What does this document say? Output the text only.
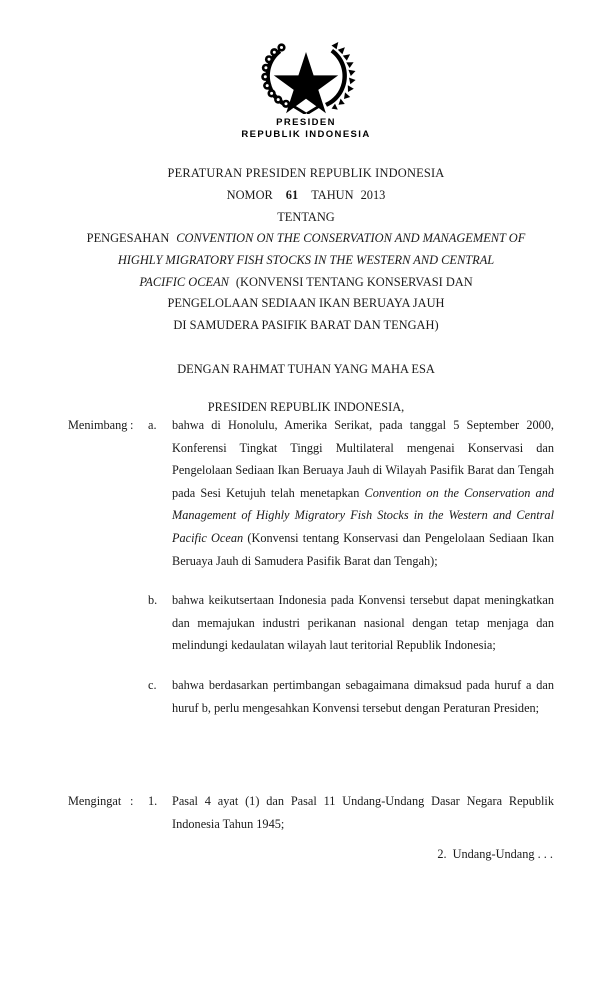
PRESIDEN
REPUBLIK INDONESIA
PERATURAN PRESIDEN REPUBLIK INDONESIA
NOMOR 61 TAHUN 2013
TENTANG
PENGESAHAN CONVENTION ON THE CONSERVATION AND MANAGEMENT OF
HIGHLY MIGRATORY FISH STOCKS IN THE WESTERN AND CENTRAL
PACIFIC OCEAN (KONVENSI TENTANG KONSERVASI DAN
PENGELOLAAN SEDIAAN IKAN BERUAYA JAUH
DI SAMUDERA PASIFIK BARAT DAN TENGAH)
DENGAN RAHMAT TUHAN YANG MAHA ESA
PRESIDEN REPUBLIK INDONESIA,
Menimbang :	a.	bahwa di Honolulu, Amerika Serikat, pada tanggal 5 September 2000, Konferensi Tingkat Tinggi Multilateral mengenai Konservasi dan Pengelolaan Sediaan Ikan Beruaya Jauh di Wilayah Pasifik Barat dan Tengah pada Sesi Ketujuh telah menetapkan Convention on the Conservation and Management of Highly Migratory Fish Stocks in the Western and Central Pacific Ocean (Konvensi tentang Konservasi dan Pengelolaan Sediaan Ikan Beruaya Jauh di Samudera Pasifik Barat dan Tengah);
b.	bahwa keikutsertaan Indonesia pada Konvensi tersebut dapat meningkatkan dan memajukan industri perikanan nasional dengan tetap menjaga dan melindungi kedaulatan wilayah laut teritorial Republik Indonesia;
c.	bahwa berdasarkan pertimbangan sebagaimana dimaksud pada huruf a dan huruf b, perlu mengesahkan Konvensi tersebut dengan Peraturan Presiden;
Mengingat :	1.	Pasal 4 ayat (1) dan Pasal 11 Undang-Undang Dasar Negara Republik Indonesia Tahun 1945;
2. Undang-Undang . . .
